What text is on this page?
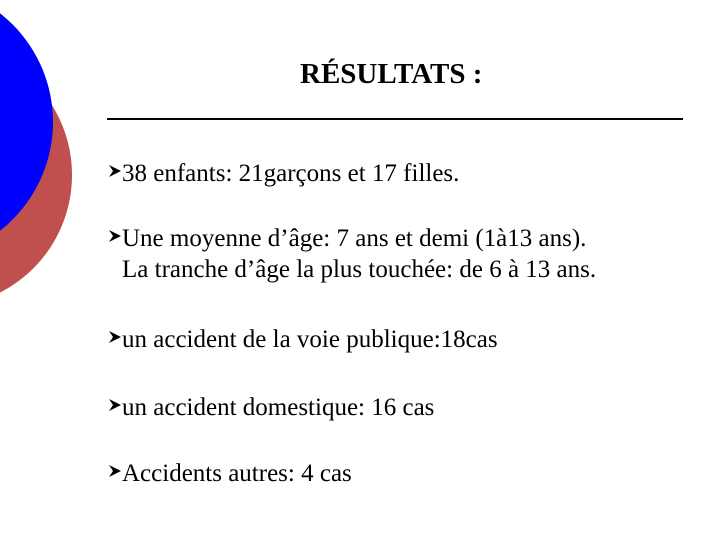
RÉSULTATS :
38 enfants: 21garçons et 17 filles.
Une moyenne d’âge: 7 ans et demi (1à13 ans).
La tranche d’âge la plus touchée: de 6 à 13 ans.
un accident de la voie publique:18cas
un accident domestique: 16 cas
Accidents autres: 4 cas
